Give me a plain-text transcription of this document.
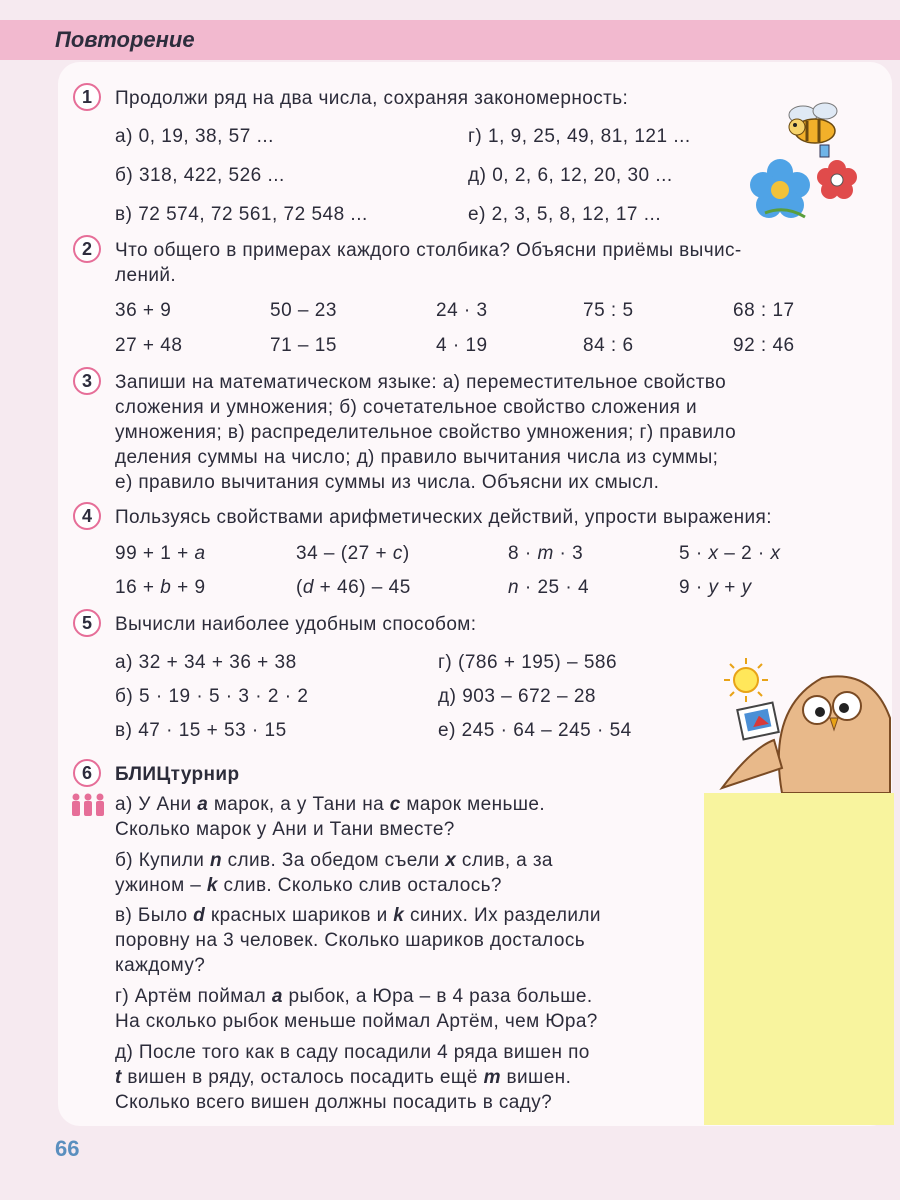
Повторение
1	Продолжи ряд на два числа, сохраняя закономерность:
а) 0, 19, 38, 57 ...	г) 1, 9, 25, 49, 81, 121 ...
б) 318, 422, 526 ...	д) 0, 2, 6, 12, 20, 30 ...
в) 72 574, 72 561, 72 548 ...	е) 2, 3, 5, 8, 12, 17 ...
2	Что общего в примерах каждого столбика? Объясни приёмы вычис-
лений.
36 + 9	50 – 23	24 · 3	75 : 5	68 : 17
27 + 48	71 – 15	4 · 19	84 : 6	92 : 46
3	Запиши на математическом языке: а) переместительное свойство
сложения и умножения; б) сочетательное свойство сложения и
умножения; в) распределительное свойство умножения; г) правило
деления суммы на число; д) правило вычитания числа из суммы;
е) правило вычитания суммы из числа. Объясни их смысл.
4	Пользуясь свойствами арифметических действий, упрости выражения:
99 + 1 + a	34 – (27 + c)	8 · m · 3	5 · x – 2 · x
16 + b + 9	(d + 46) – 45	n · 25 · 4	9 · y + y
5	Вычисли наиболее удобным способом:
а) 32 + 34 + 36 + 38	г) (786 + 195) – 586
б) 5 · 19 · 5 · 3 · 2 · 2	д) 903 – 672 – 28
в) 47 · 15 + 53 · 15	е) 245 · 64 – 245 · 54
6	БЛИЦтурнир
а) У Ани a марок, а у Тани на c марок меньше.
Сколько марок у Ани и Тани вместе?
б) Купили n слив. За обедом съели x слив, а за
ужином – k слив. Сколько слив осталось?
в) Было d красных шариков и k синих. Их разделили
поровну на 3 человек. Сколько шариков досталось
каждому?
г) Артём поймал a рыбок, а Юра – в 4 раза больше.
На сколько рыбок меньше поймал Артём, чем Юра?
д) После того как в саду посадили 4 ряда вишен по
t вишен в ряду, осталось посадить ещё m вишен.
Сколько всего вишен должны посадить в саду?
66
